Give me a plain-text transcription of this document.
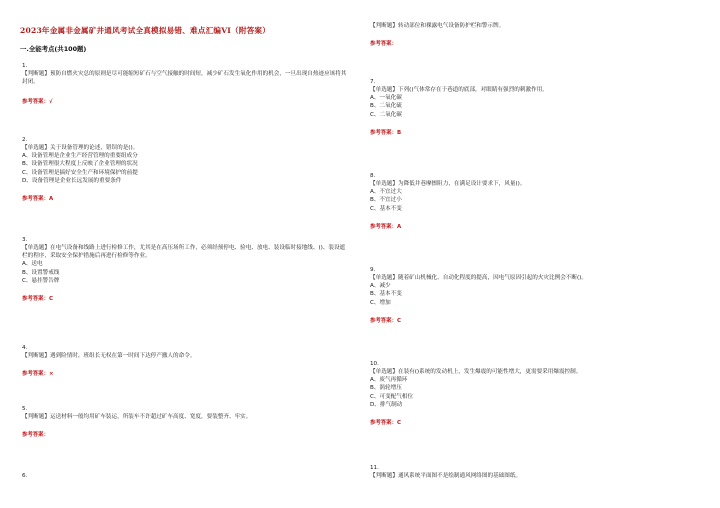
2023年金属非金属矿井通风考试全真模拟易错、难点汇编VI（附答案）
一.全能考点(共100题)
1.
【判断题】预防自燃火灾总的原则是尽可能缩短矿石与空气接触的时间短，减少矿石发生氧化作用的机会，一旦出现自热迹应该将其封闭。
参考答案：√
2.
【单选题】关于设备管理的论述，错误的是()。
A、设备管理是企业生产经营管理的重要组成分
B、设备管理很大程度上反映了企业管理的状况
C、设备管理是搞好安全生产和环境保护的前提
D、设备管理是企业长远发展的重要条件
参考答案：A
3.
【单选题】在电气设备和线路上进行检修工作，尤其是在高压场所工作，必须经预停电、验电、放电、装设临时接地线、()、装设遮栏的程序，采取安全保护措施后再进行检修等作业。
A、送电
B、设置警戒线
C、悬挂警告牌
参考答案：C
4.
【判断题】遇到险情时，班组长无权在第一时间下达停产撤人的命令。
参考答案：×
5.
【判断题】运送材料一般均用矿车装运，所装车不许超过矿车高度、宽度，要装整齐、牢实。
参考答案：
6.
【判断题】转动部位和裸露电气设备防护栏和警示牌。
参考答案：
7.
【单选题】下列()气体常存在于巷道的底部，对眼睛有强烈的刺激作用。
A、一氧化碳
B、二氧化硫
C、二氧化碳
参考答案：B
8.
【单选题】为降低井巷摩擦阻力，在满足设计要求下，风量()。
A、不宜过大
B、不宜过小
C、基本不变
参考答案：A
9.
【单选题】随着矿山机械化、自动化程度的提高，因电气原因引起的火灾比例会不断()。
A、减少
B、基本不变
C、增加
参考答案：C
10.
【单选题】在装有()系统的发动机上，发生爆震的可能性增大，更需要采用爆震控制。
A、废气再循环
B、涡轮增压
C、可变配气相位
D、排气制动
参考答案：C
11.
【判断题】通风系统平面图不是绘制通风网络图的基础图纸。
